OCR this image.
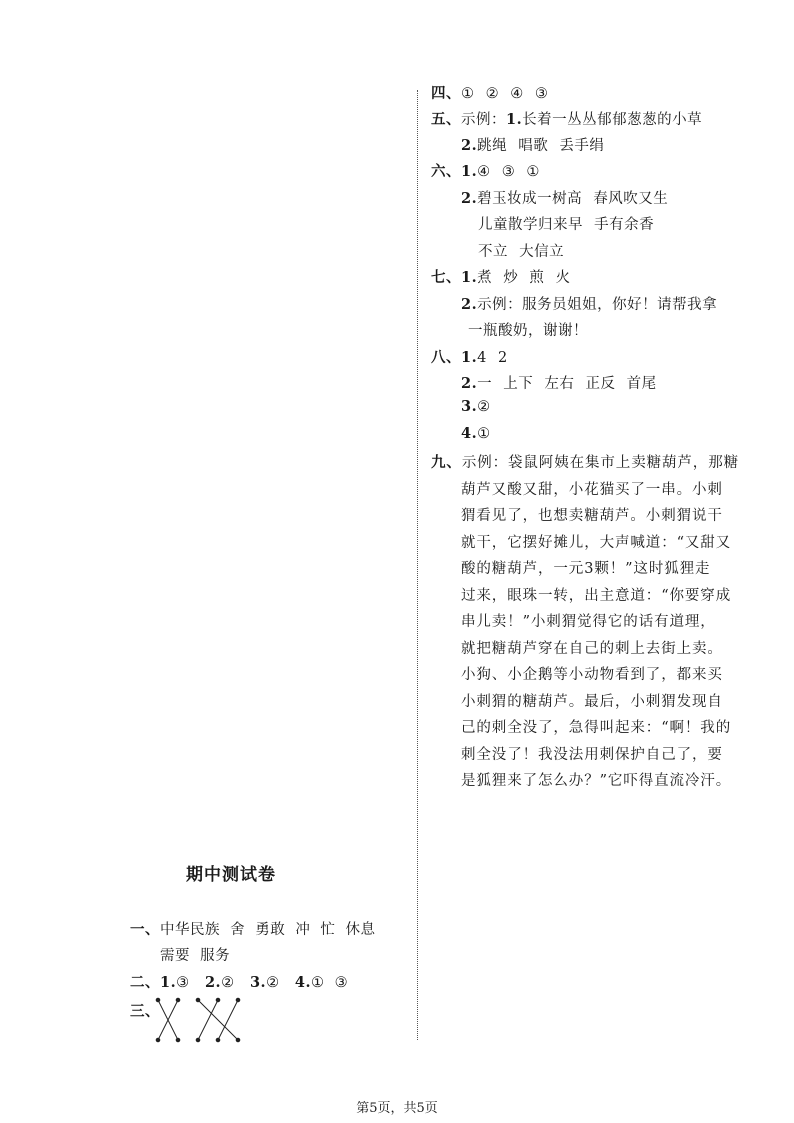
四、① ② ④ ③
五、示例：1.长着一丛丛郁郁葱葱的小草
2.跳绳 唱歌 丢手绢
六、1.④ ③ ①
2.碧玉妆成一树高 春风吹又生
儿童散学归来早 手有余香
不立 大信立
七、1.煮 炒 煎 火
2.示例：服务员姐姐，你好！请帮我拿
一瓶酸奶，谢谢！
八、1.4 2
2.一 上下 左右 正反 首尾
3.②
4.①
九、示例：袋鼠阿姨在集市上卖糖葫芦，那糖
葫芦又酸又甜，小花猫买了一串。小刺
猬看见了，也想卖糖葫芦。小刺猬说干
就干，它摆好摊儿，大声喊道：“又甜又
酸的糖葫芦，一元3颗！”这时狐狸走
过来，眼珠一转，出主意道：“你要穿成
串儿卖！”小刺猬觉得它的话有道理，
就把糖葫芦穿在自己的刺上去街上卖。
小狗、小企鹅等小动物看到了，都来买
小刺猬的糖葫芦。最后，小刺猬发现自
己的刺全没了，急得叫起来：“啊！我的
刺全没了！我没法用刺保护自己了，要
是狐狸来了怎么办？”它吓得直流冷汗。
期中测试卷
一、中华民族 舍 勇敢 冲 忙 休息
需要 服务
二、1.③ 2.② 3.② 4.① ③
三、
第5页，共5页
